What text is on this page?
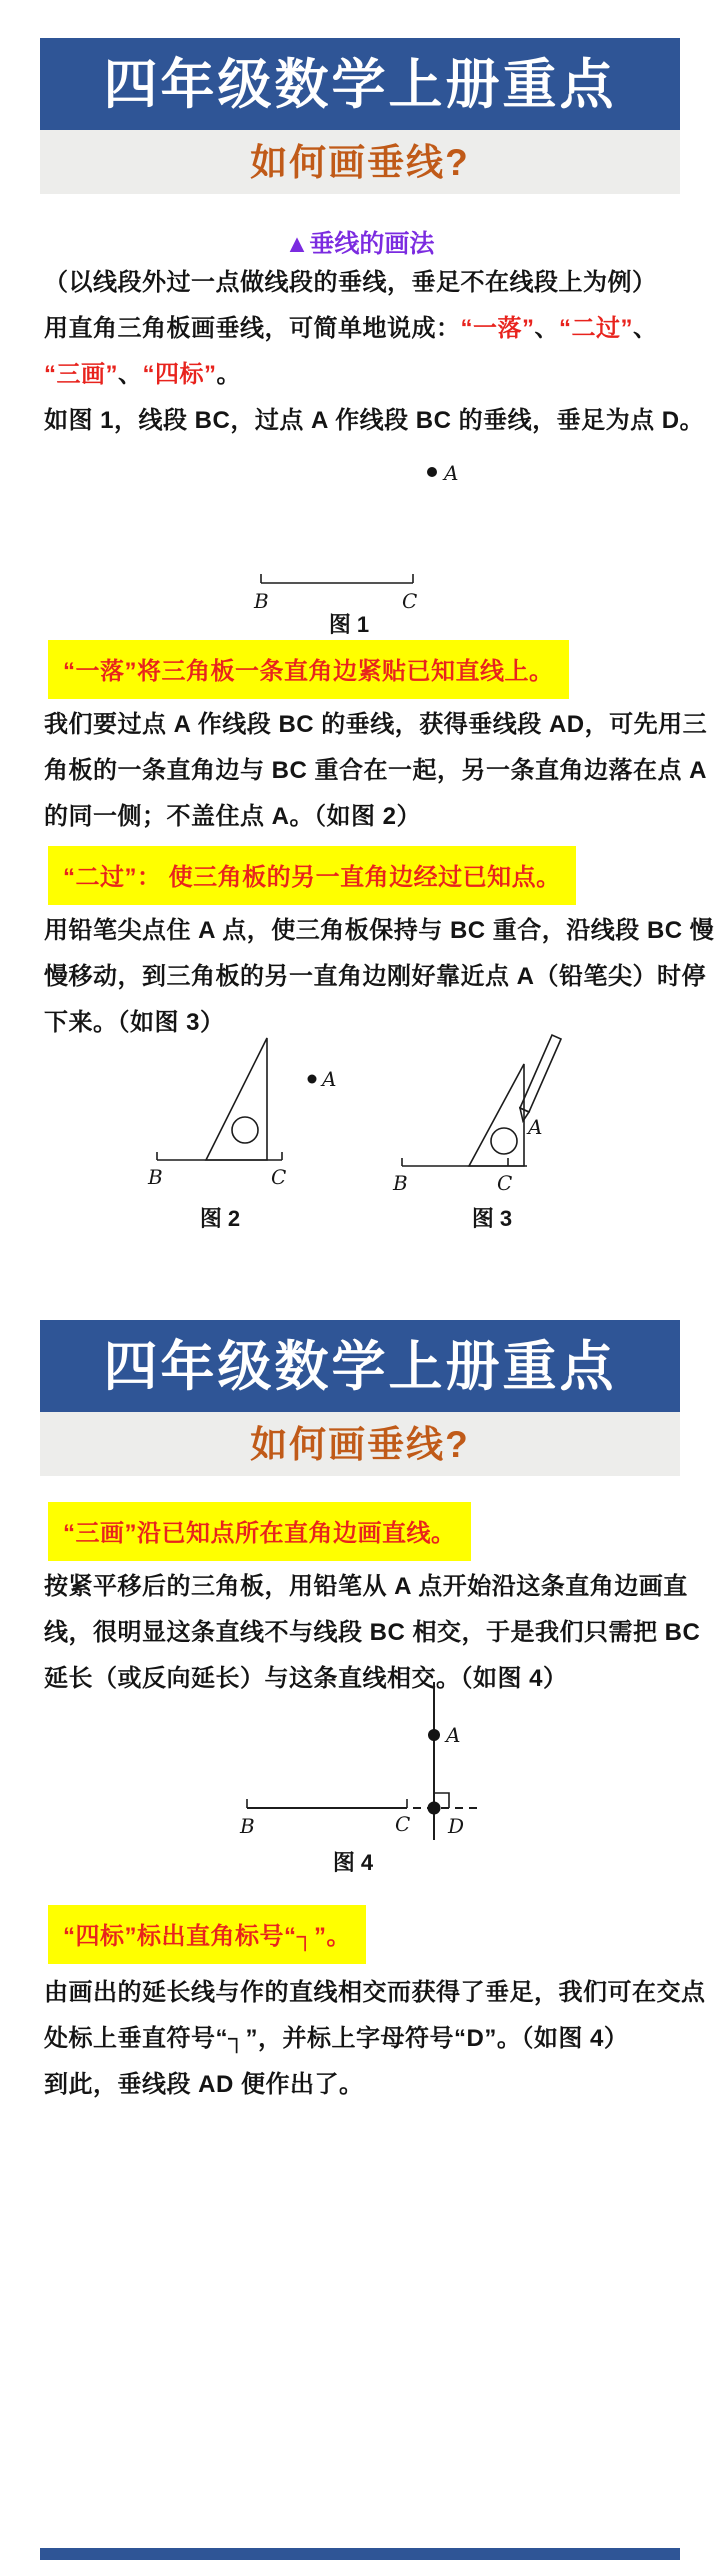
四年级数学上册重点
如何画垂线?

▲垂线的画法

（以线段外过一点做线段的垂线，垂足不在线段上为例）

用直角三角板画垂线，可简单地说成：“一落”、“二过”、

“三画”、“四标”。

如图 1，线段 BC，过点 A 作线段 BC 的垂线，垂足为点 D。

A
B	C
图 1
“一落”将三角板一条直角边紧贴已知直线上。

我们要过点 A 作线段 BC 的垂线，获得垂线段 AD，可先用三

角板的一条直角边与 BC 重合在一起，另一条直角边落在点 A

的同一侧；不盖住点 A。（如图 2）

“二过”： 使三角板的另一直角边经过已知点。

用铅笔尖点住 A 点，使三角板保持与 BC 重合，沿线段 BC 慢

慢移动，到三角板的另一直角边刚好靠近点 A（铅笔尖）时停

下来。（如图 3）

A
B	C
图 2
A
B	C
图 3
四年级数学上册重点
如何画垂线?
“三画”沿已知点所在直角边画直线。

按紧平移后的三角板，用铅笔从 A 点开始沿这条直角边画直

线，很明显这条直线不与线段 BC 相交，于是我们只需把 BC

延长（或反向延长）与这条直线相交。（如图 4）

A
B	C D
图 4
“四标”标出直角标号“┐”。

由画出的延长线与作的直线相交而获得了垂足，我们可在交点

处标上垂直符号“┐”，并标上字母符号“D”。（如图 4）

到此，垂线段 AD 便作出了。
